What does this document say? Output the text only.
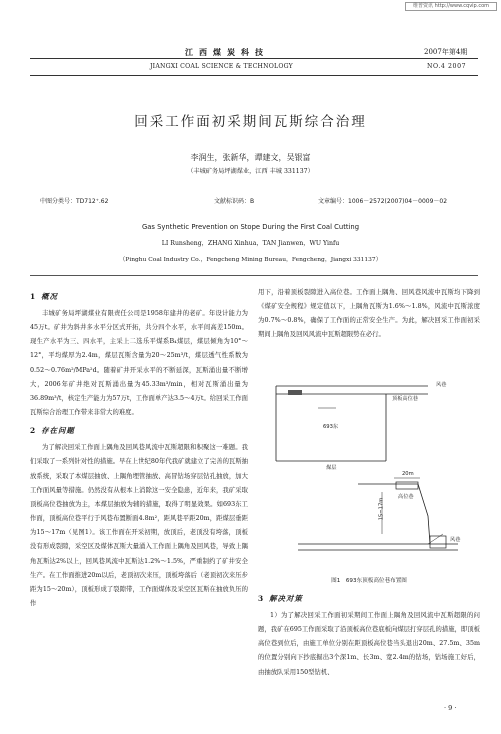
维普资讯 http://www.cqvip.com
江西煤炭科技	2007年第4期
JIANGXI COAL SCIENCE & TECHNOLOGY	NO.4 2007
回采工作面初采期间瓦斯综合治理
李润生，张新华，谭建文，吴银富
（丰城矿务局坪湖煤业，江西 丰城 331137）
中图分类号：TD712⁺.62	文献标识码：B	文章编号：1006－2572(2007)04－0009－02
Gas Synthetic Prevention on Stope During the First Coal Cutting
LI Runsheng，ZHANG Xinhua，TAN Jianwen，WU Yinfu
（Pinghu Coal Industry Co.，Fengcheng Mining Bureau，Fengcheng，Jiangxi 331137）
1 概况

丰城矿务局坪湖煤业有限责任公司是1958年建井的老矿。年设计能力为45万t。矿井为斜井多水平分区式开拓，共分四个水平，水平间高差150m。现生产水平为三、四水平，主采上二选乐平煤系B₄煤层，煤层倾角为10°～12°，平均煤厚为2.4m，煤层瓦斯含量为20～25m³/t，煤层透气性系数为0.52～0.76m²/MPa²d。随着矿井开采水平的不断延深，瓦斯涌出量不断增大，2006年矿井绝对瓦斯涌出量为45.33m³/min，相对瓦斯涌出量为36.89m³/t，核定生产能力为57万t，工作面单产达3.5～4万t。给回采工作面瓦斯综合治理工作带来非常大的难度。

2 存在问题

为了解决回采工作面上隅角及回风巷风流中瓦斯超限和积聚这一难题。我们采取了一系列针对性的措施。早在上世纪80年代我矿就建立了完善的瓦斯抽放系统，采取了本煤层抽放、上隅角埋管抽放、高冒钻场穿层钻孔抽放，加大工作面风量等措施。仍然没有从根本上消除这一安全隐患，近年来，我矿采取顶板高位巷抽放为主，本煤层抽放为辅的措施，取得了明显效果。如693东工作面，顶板高位巷平行于风巷布置断面4.8m²，距风巷平距20m，距煤层垂距为15～17m（见图1）。该工作面在开采初期，放顶后，老顶没有垮落，顶板没有形成裂隙，采空区及煤体瓦斯大量涌入工作面上隅角及回风巷，导致上隅角瓦斯达2%以上，回风巷风流中瓦斯达1.2%～1.5%，严重制约了矿井安全生产。在工作面推进20m以后，老顶初次来压，顶板垮落后（老顶初次来压步距为15～20m），顶板形成了裂隙带，工作面煤体及采空区瓦斯在抽放负压的作

用下，沿着顶板裂隙进入高位巷。工作面上隅角、回风巷风流中瓦斯均下降到《煤矿安全规程》规定值以下，上隅角瓦斯为1.6%～1.8%，风流中瓦斯浓度为0.7%～0.8%，确保了工作面的正常安全生产。为此，解决回采工作面初采期间上隅角及回风风流中瓦斯超限势在必行。

风巷
顶板高位巷
693东
煤层
20m
高位巷
15~17m
风巷
图1　693东顶板高位巷布置图
3 解决对策

1）为了解决回采工作面初采期间工作面上隅角及回风流中瓦斯超限的问题，我矿在695工作面采取了沿顶板高位巷底板向煤层打穿层孔的措施，即顶板高位巷到位后，由施工单位分别在距顶板高位巷当头退出20m、27.5m、35m的位置分别向下抄底掘出3个深1m、长3m、宽2.4m的钻场，钻场施工好后，由抽放队采用150型钻机、

· 9 ·
